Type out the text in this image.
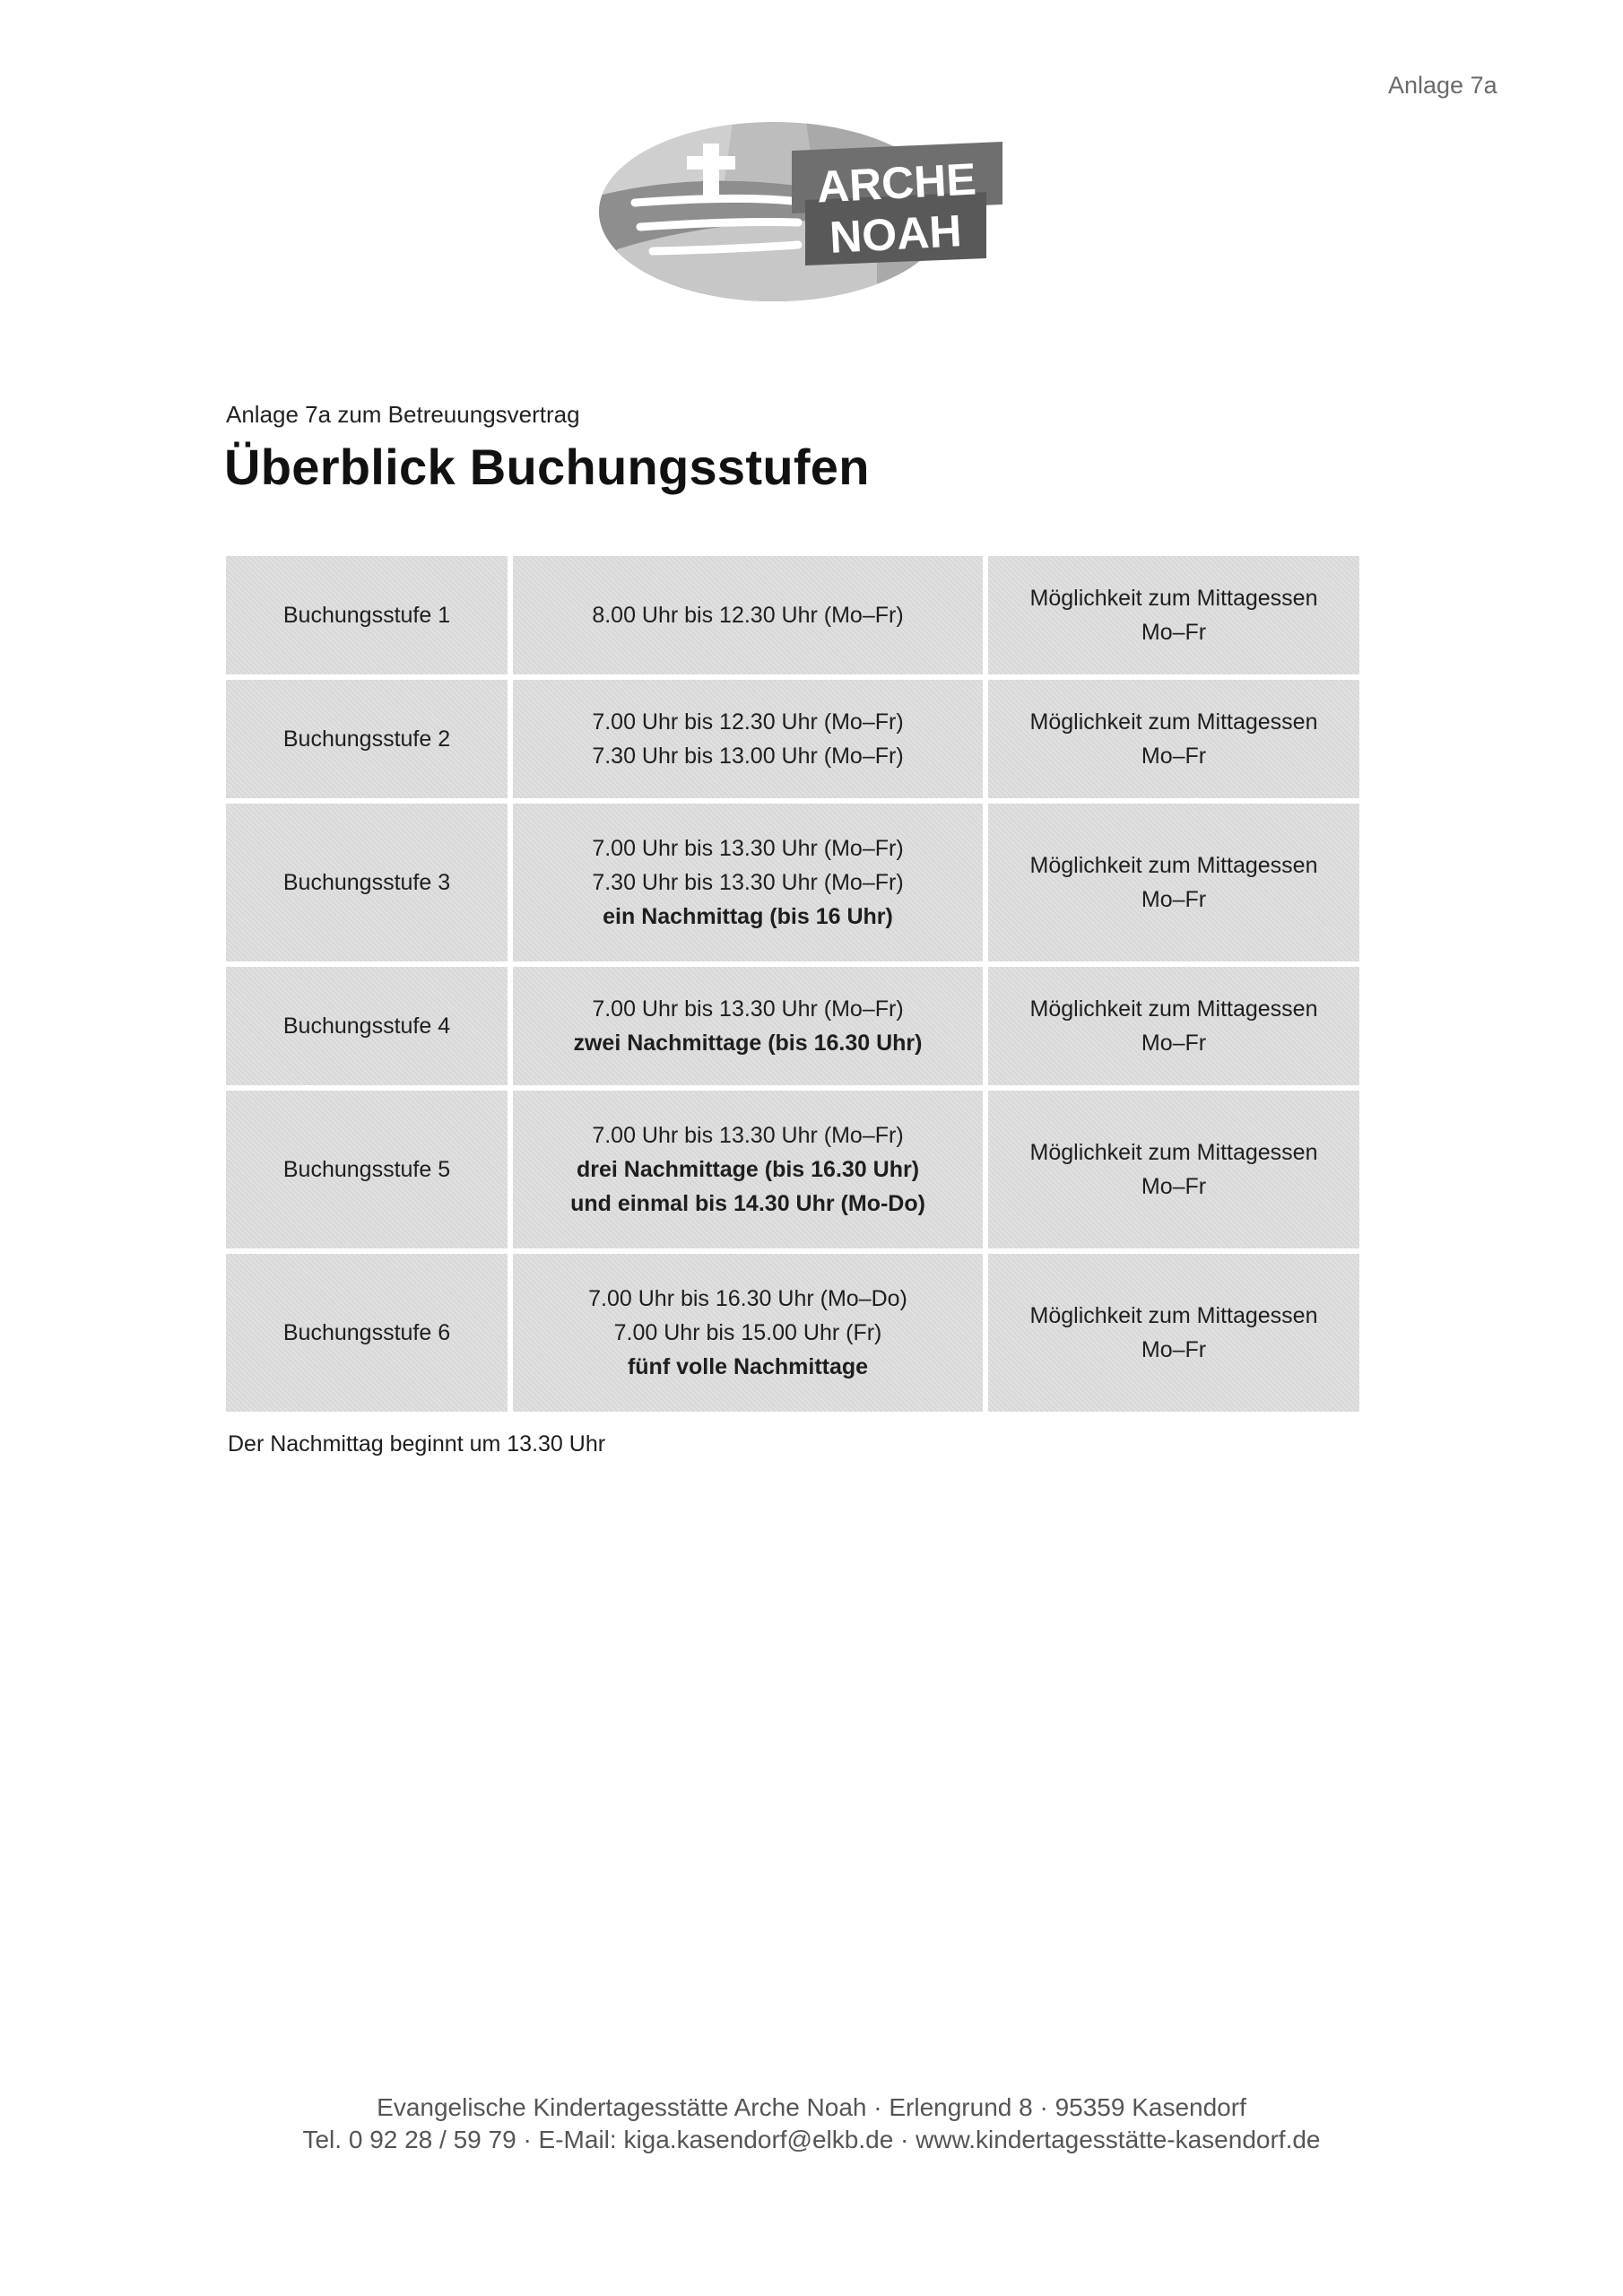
Anlage 7a
ARCHE
NOAH
Anlage 7a zum Betreuungsvertrag
Überblick Buchungsstufen
Buchungsstufe 1	8.00 Uhr bis 12.30 Uhr (Mo–Fr)
Möglichkeit zum Mittagessen
Mo–Fr
Buchungsstufe 2
7.00 Uhr bis 12.30 Uhr (Mo–Fr)
7.30 Uhr bis 13.00 Uhr (Mo–Fr)
Möglichkeit zum Mittagessen
Mo–Fr
Buchungsstufe 3
7.00 Uhr bis 13.30 Uhr (Mo–Fr)
7.30 Uhr bis 13.30 Uhr (Mo–Fr)
ein Nachmittag (bis 16 Uhr)
Möglichkeit zum Mittagessen
Mo–Fr
Buchungsstufe 4
7.00 Uhr bis 13.30 Uhr (Mo–Fr)
zwei Nachmittage (bis 16.30 Uhr)
Möglichkeit zum Mittagessen
Mo–Fr
Buchungsstufe 5
7.00 Uhr bis 13.30 Uhr (Mo–Fr)
drei Nachmittage (bis 16.30 Uhr)
und einmal bis 14.30 Uhr (Mo-Do)
Möglichkeit zum Mittagessen
Mo–Fr
Buchungsstufe 6
7.00 Uhr bis 16.30 Uhr (Mo–Do)
7.00 Uhr bis 15.00 Uhr (Fr)
fünf volle Nachmittage
Möglichkeit zum Mittagessen
Mo–Fr
Der Nachmittag beginnt um 13.30 Uhr
Evangelische Kindertagesstätte Arche Noah · Erlengrund 8 · 95359 Kasendorf
Tel. 0 92 28 / 59 79 · E-Mail: kiga.kasendorf@elkb.de · www.kindertagesstätte-kasendorf.de
